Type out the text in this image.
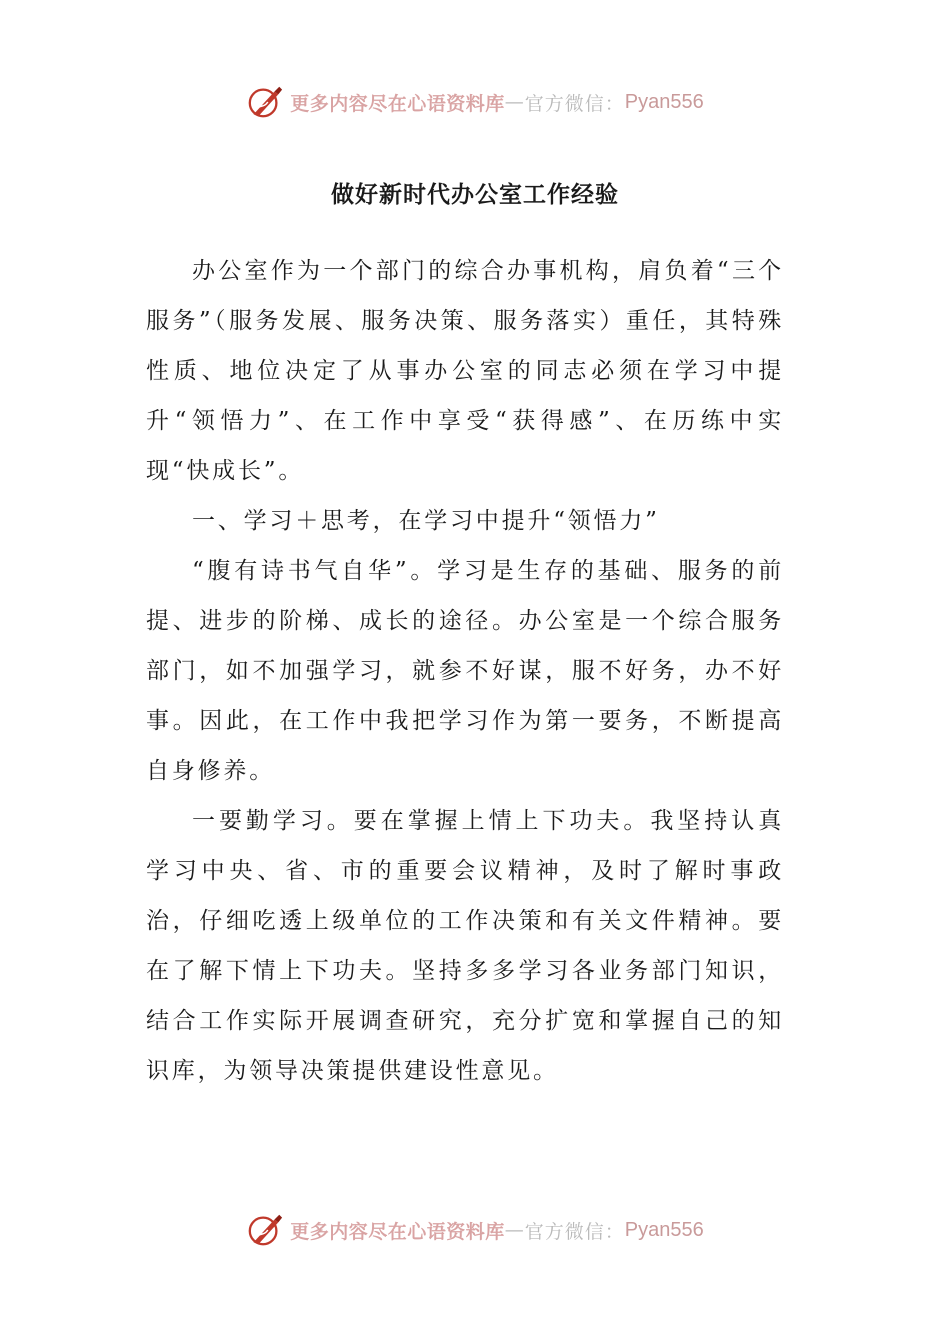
更多内容尽在心语资料库 — 官方微信： Pyan556
做好新时代办公室工作经验

办公室作为一个部门的综合办事机构，肩负着“三个服务”（服务发展、服务决策、服务落实）重任，其特殊性质、地位决定了从事办公室的同志必须在学习中提升“领悟力”、在工作中享受“获得感”、在历练中实现“快成长”。

一、学习＋思考，在学习中提升“领悟力”

“腹有诗书气自华”。学习是生存的基础、服务的前提、进步的阶梯、成长的途径。办公室是一个综合服务部门，如不加强学习，就参不好谋，服不好务，办不好事。因此，在工作中我把学习作为第一要务，不断提高自身修养。

一要勤学习。要在掌握上情上下功夫。我坚持认真学习中央、省、市的重要会议精神，及时了解时事政治，仔细吃透上级单位的工作决策和有关文件精神。要在了解下情上下功夫。坚持多多学习各业务部门知识，结合工作实际开展调查研究，充分扩宽和掌握自己的知识库，为领导决策提供建设性意见。

更多内容尽在心语资料库 — 官方微信： Pyan556
